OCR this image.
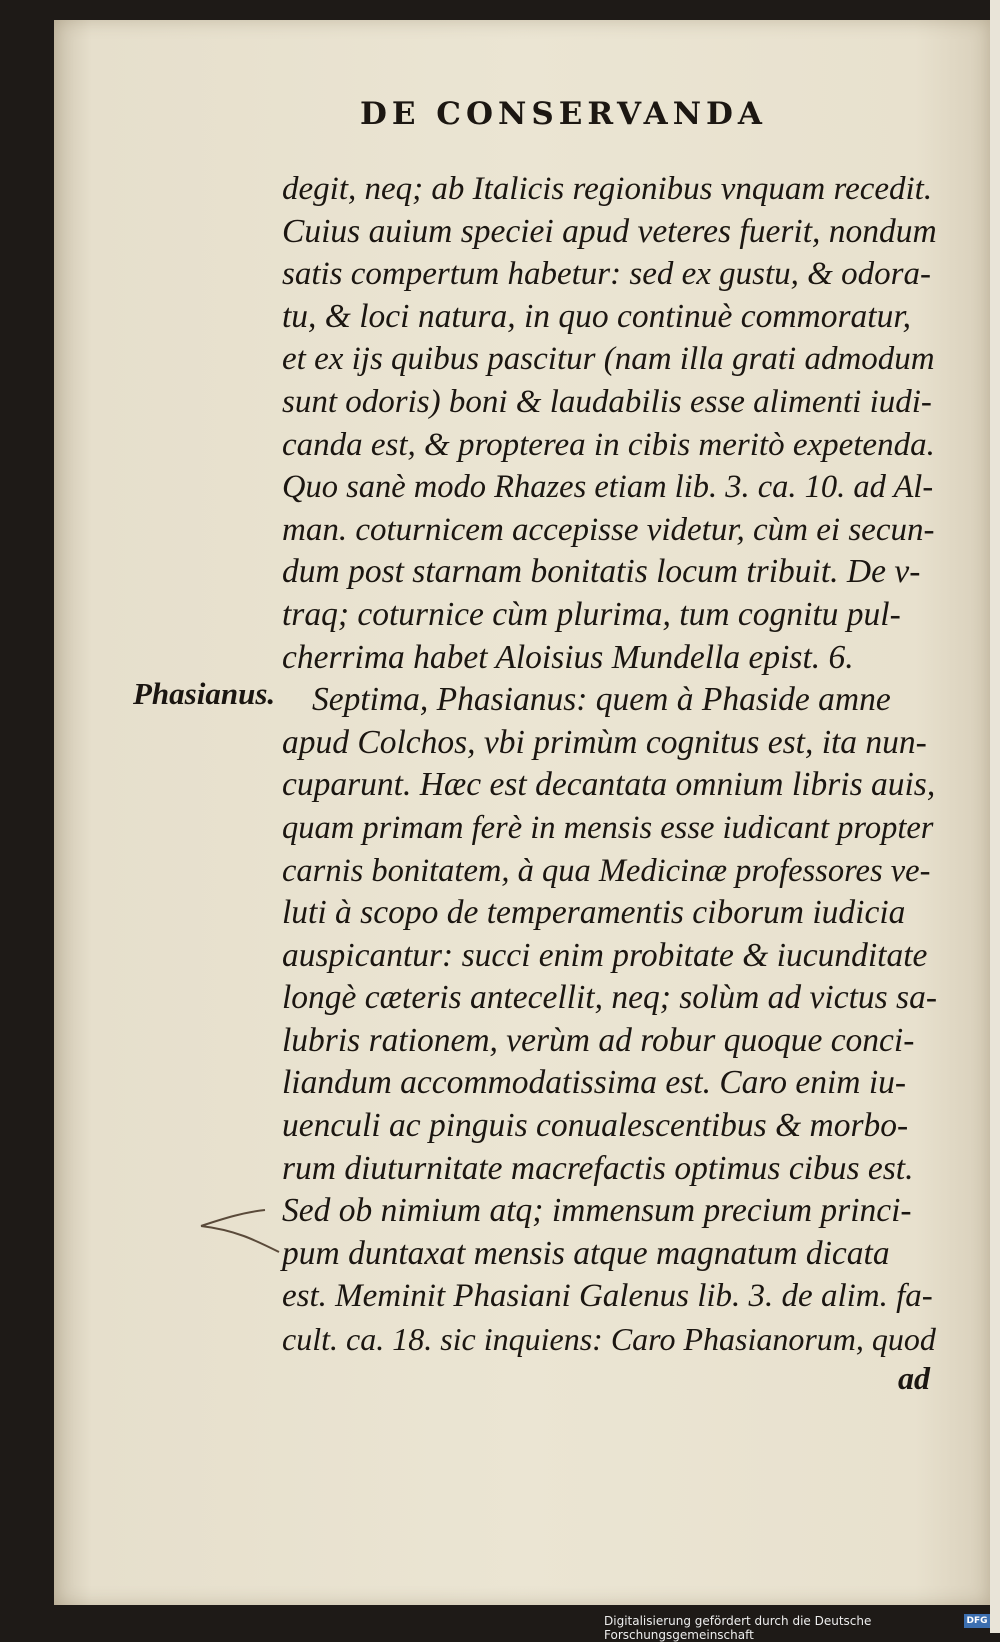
DE CONSERVANDA
Phasianus.
degit, neq; ab Italicis regionibus vnquam recedit.
Cuius auium speciei apud veteres fuerit, nondum
satis compertum habetur: sed ex gustu, & odora-
tu, & loci natura, in quo continuè commoratur,
et ex ijs quibus pascitur (nam illa grati admodum
sunt odoris) boni & laudabilis esse alimenti iudi-
canda est, & propterea in cibis meritò expetenda.
Quo sanè modo Rhazes etiam lib. 3. ca. 10. ad Al-
man. coturnicem accepisse videtur, cùm ei secun-
dum post starnam bonitatis locum tribuit. De v-
traq; coturnice cùm plurima, tum cognitu pul-
cherrima habet Aloisius Mundella epist. 6.
Septima, Phasianus: quem à Phaside amne
apud Colchos, vbi primùm cognitus est, ita nun-
cuparunt. Hæc est decantata omnium libris auis,
quam primam ferè in mensis esse iudicant propter
carnis bonitatem, à qua Medicinæ professores ve-
luti à scopo de temperamentis ciborum iudicia
auspicantur: succi enim probitate & iucunditate
longè cæteris antecellit, neq; solùm ad victus sa-
lubris rationem, verùm ad robur quoque conci-
liandum accommodatissima est. Caro enim iu-
uenculi ac pinguis conualescentibus & morbo-
rum diuturnitate macrefactis optimus cibus est.
Sed ob nimium atq; immensum precium princi-
pum duntaxat mensis atque magnatum dicata
est. Meminit Phasiani Galenus lib. 3. de alim. fa-
cult. ca. 18. sic inquiens: Caro Phasianorum, quod
ad
Digitalisierung gefördert durch die Deutsche Forschungsgemeinschaft
DFG
